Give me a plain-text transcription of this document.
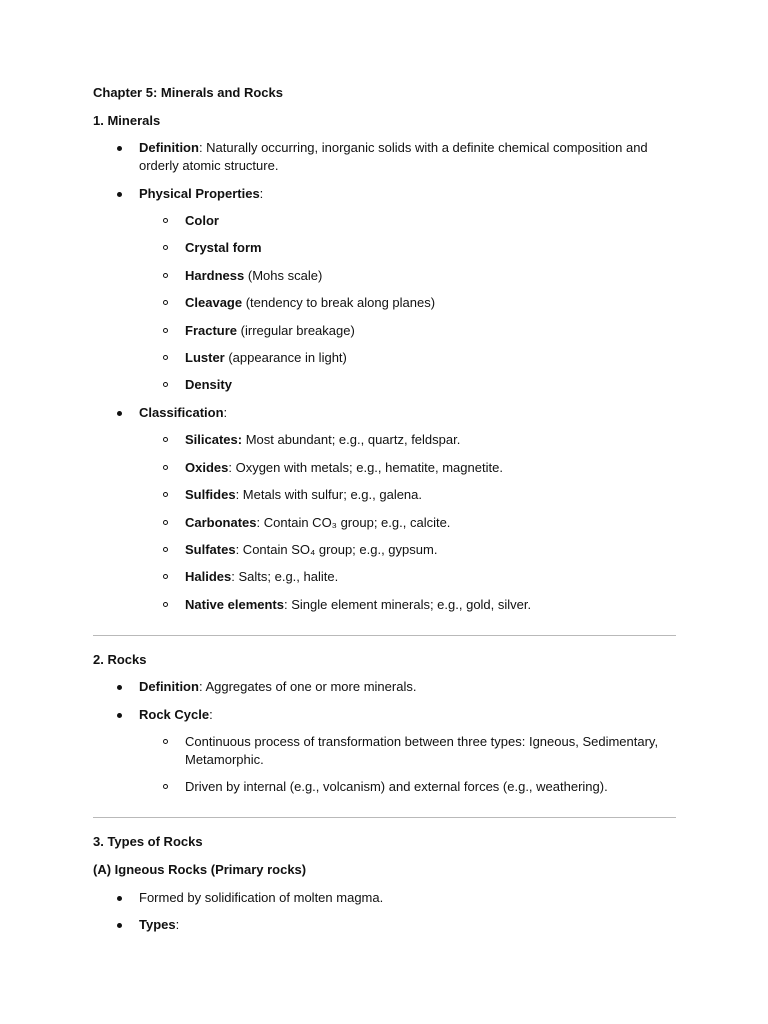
Chapter 5: Minerals and Rocks

1. Minerals

Definition: Naturally occurring, inorganic solids with a definite chemical composition and orderly atomic structure.
Physical Properties:
Color
Crystal form
Hardness (Mohs scale)
Cleavage (tendency to break along planes)
Fracture (irregular breakage)
Luster (appearance in light)
Density
Classification:
Silicates: Most abundant; e.g., quartz, feldspar.
Oxides: Oxygen with metals; e.g., hematite, magnetite.
Sulfides: Metals with sulfur; e.g., galena.
Carbonates: Contain CO₃ group; e.g., calcite.
Sulfates: Contain SO₄ group; e.g., gypsum.
Halides: Salts; e.g., halite.
Native elements: Single element minerals; e.g., gold, silver.

2. Rocks

Definition: Aggregates of one or more minerals.
Rock Cycle:
Continuous process of transformation between three types: Igneous, Sedimentary, Metamorphic.
Driven by internal (e.g., volcanism) and external forces (e.g., weathering).

3. Types of Rocks

(A) Igneous Rocks (Primary rocks)

Formed by solidification of molten magma.
Types:
